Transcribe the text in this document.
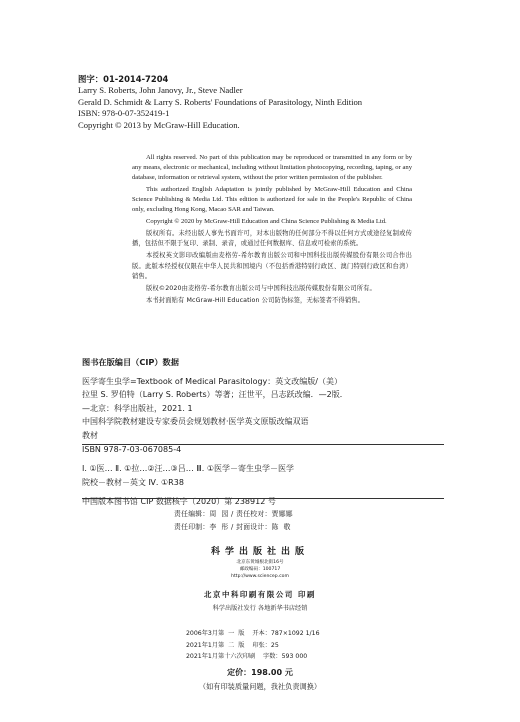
图字：01-2014-7204
Larry S. Roberts, John Janovy, Jr., Steve Nadler
Gerald D. Schmidt & Larry S. Roberts' Foundations of Parasitology, Ninth Edition
ISBN: 978-0-07-352419-1
Copyright © 2013 by McGraw-Hill Education.

All rights reserved. No part of this publication may be reproduced or transmitted in any form or by any means, electronic or mechanical, including without limitation photocopying, recording, taping, or any database, information or retrieval system, without the prior written permission of the publisher.

This authorized English Adaptation is jointly published by McGraw-Hill Education and China Science Publishing & Media Ltd. This edition is authorized for sale in the People's Republic of China only, excluding Hong Kong, Macao SAR and Taiwan.

Copyright © 2020 by McGraw-Hill Education and China Science Publishing & Media Ltd.

版权所有。未经出版人事先书面许可，对本出版物的任何部分不得以任何方式或途径复制或传播，包括但不限于复印、录制、录音，或通过任何数据库、信息或可检索的系统。

本授权英文影印改编版由麦格劳-希尔教育出版公司和中国科技出版传媒股份有限公司合作出版。此版本经授权仅限在中华人民共和国境内（不包括香港特别行政区、澳门特别行政区和台湾）销售。

版权©2020由麦格劳-希尔教育出版公司与中国科技出版传媒股份有限公司所有。

本书封面贴有 McGraw-Hill Education 公司防伪标签，无标签者不得销售。

图书在版编目（CIP）数据
医学寄生虫学=Textbook of Medical Parasitology：英文改编版/（美）
拉里 S. 罗伯特（Larry S. Roberts）等著；汪世平，吕志跃改编．—2版．
—北京：科学出版社，2021. 1
中国科学院教材建设专家委员会规划教材·医学英文原版改编双语
教材
ISBN 978-7-03-067085-4
Ⅰ. ①医… Ⅱ. ①拉…②汪…③吕… Ⅲ. ①医学－寄生虫学－医学
院校－教材－英文 Ⅳ. ①R38
中国版本图书馆 CIP 数据核字（2020）第 238912 号
责任编辑：周  园 / 责任校对：贾娜娜
责任印制：李  彤 / 封面设计：陈  敬
科学出版社出版
北京东黄城根北街16号
邮政编码：100717
http://www.sciencep.com
北京中科印刷有限公司 印刷
科学出版社发行 各地新华书店经销
2006年3月第  一  版    开本：787×1092 1/16
2021年1月第  二  版    印张：25
2021年1月第十六次印刷    字数：593 000
定价：198.00 元
（如有印装质量问题，我社负责调换）
